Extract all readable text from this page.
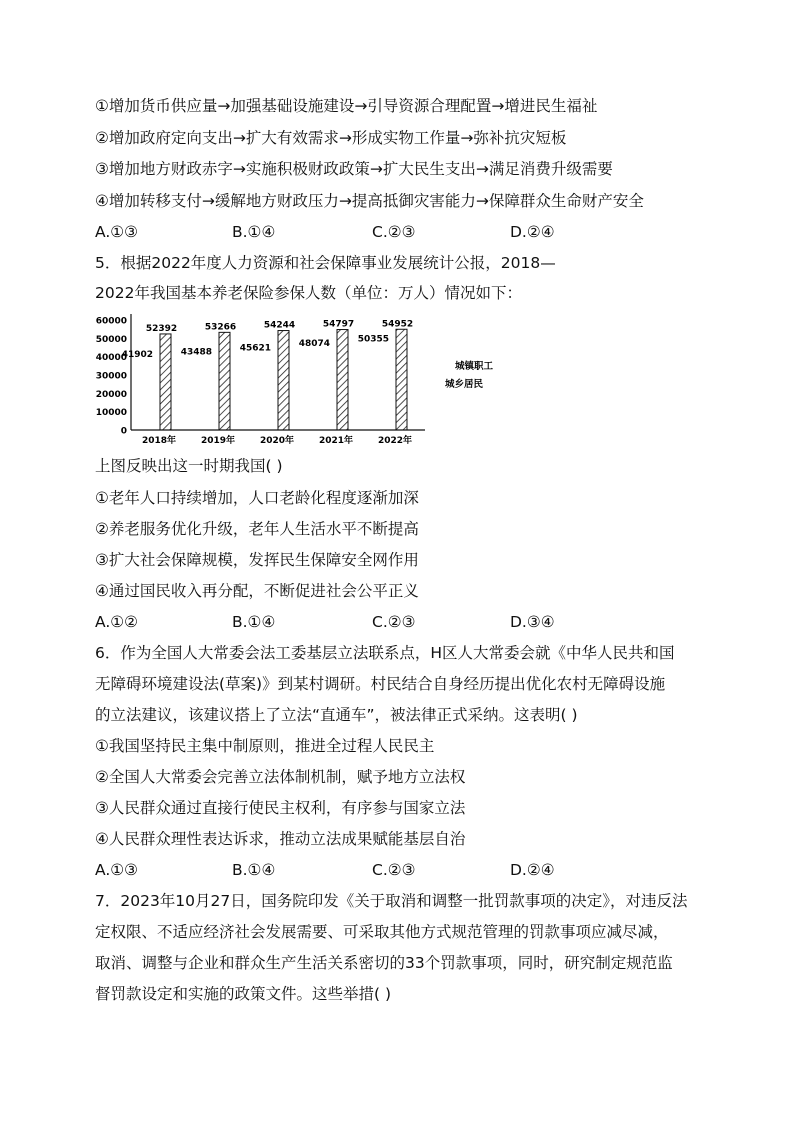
①增加货币供应量→加强基础设施建设→引导资源合理配置→增进民生福祉
②增加政府定向支出→扩大有效需求→形成实物工作量→弥补抗灾短板
③增加地方财政赤字→实施积极财政政策→扩大民生支出→满足消费升级需要
④增加转移支付→缓解地方财政压力→提高抵御灾害能力→保障群众生命财产安全
A.①③	B.①④	C.②③	D.②④
5．根据2022年度人力资源和社会保障事业发展统计公报，2018—
2022年我国基本养老保险参保人数（单位：万人）情况如下：
0
10000
20000
30000
40000
50000
60000
41902
52392
43488
53266
45621
54244
48074
54797
50355
54952
2018年	2019年	2020年	2021年	2022年
城镇职工
城乡居民
上图反映出这一时期我国( )
①老年人口持续增加，人口老龄化程度逐渐加深
②养老服务优化升级，老年人生活水平不断提高
③扩大社会保障规模，发挥民生保障安全网作用
④通过国民收入再分配，不断促进社会公平正义
A.①②	B.①④	C.②③	D.③④
6．作为全国人大常委会法工委基层立法联系点，H区人大常委会就《中华人民共和国
无障碍环境建设法(草案)》到某村调研。村民结合自身经历提出优化农村无障碍设施
的立法建议，该建议搭上了立法“直通车”，被法律正式采纳。这表明( )
①我国坚持民主集中制原则，推进全过程人民民主
②全国人大常委会完善立法体制机制，赋予地方立法权
③人民群众通过直接行使民主权利，有序参与国家立法
④人民群众理性表达诉求，推动立法成果赋能基层自治
A.①③	B.①④	C.②③	D.②④
7．2023年10月27日，国务院印发《关于取消和调整一批罚款事项的决定》，对违反法
定权限、不适应经济社会发展需要、可采取其他方式规范管理的罚款事项应减尽减，
取消、调整与企业和群众生产生活关系密切的33个罚款事项，同时，研究制定规范监
督罚款设定和实施的政策文件。这些举措( )
